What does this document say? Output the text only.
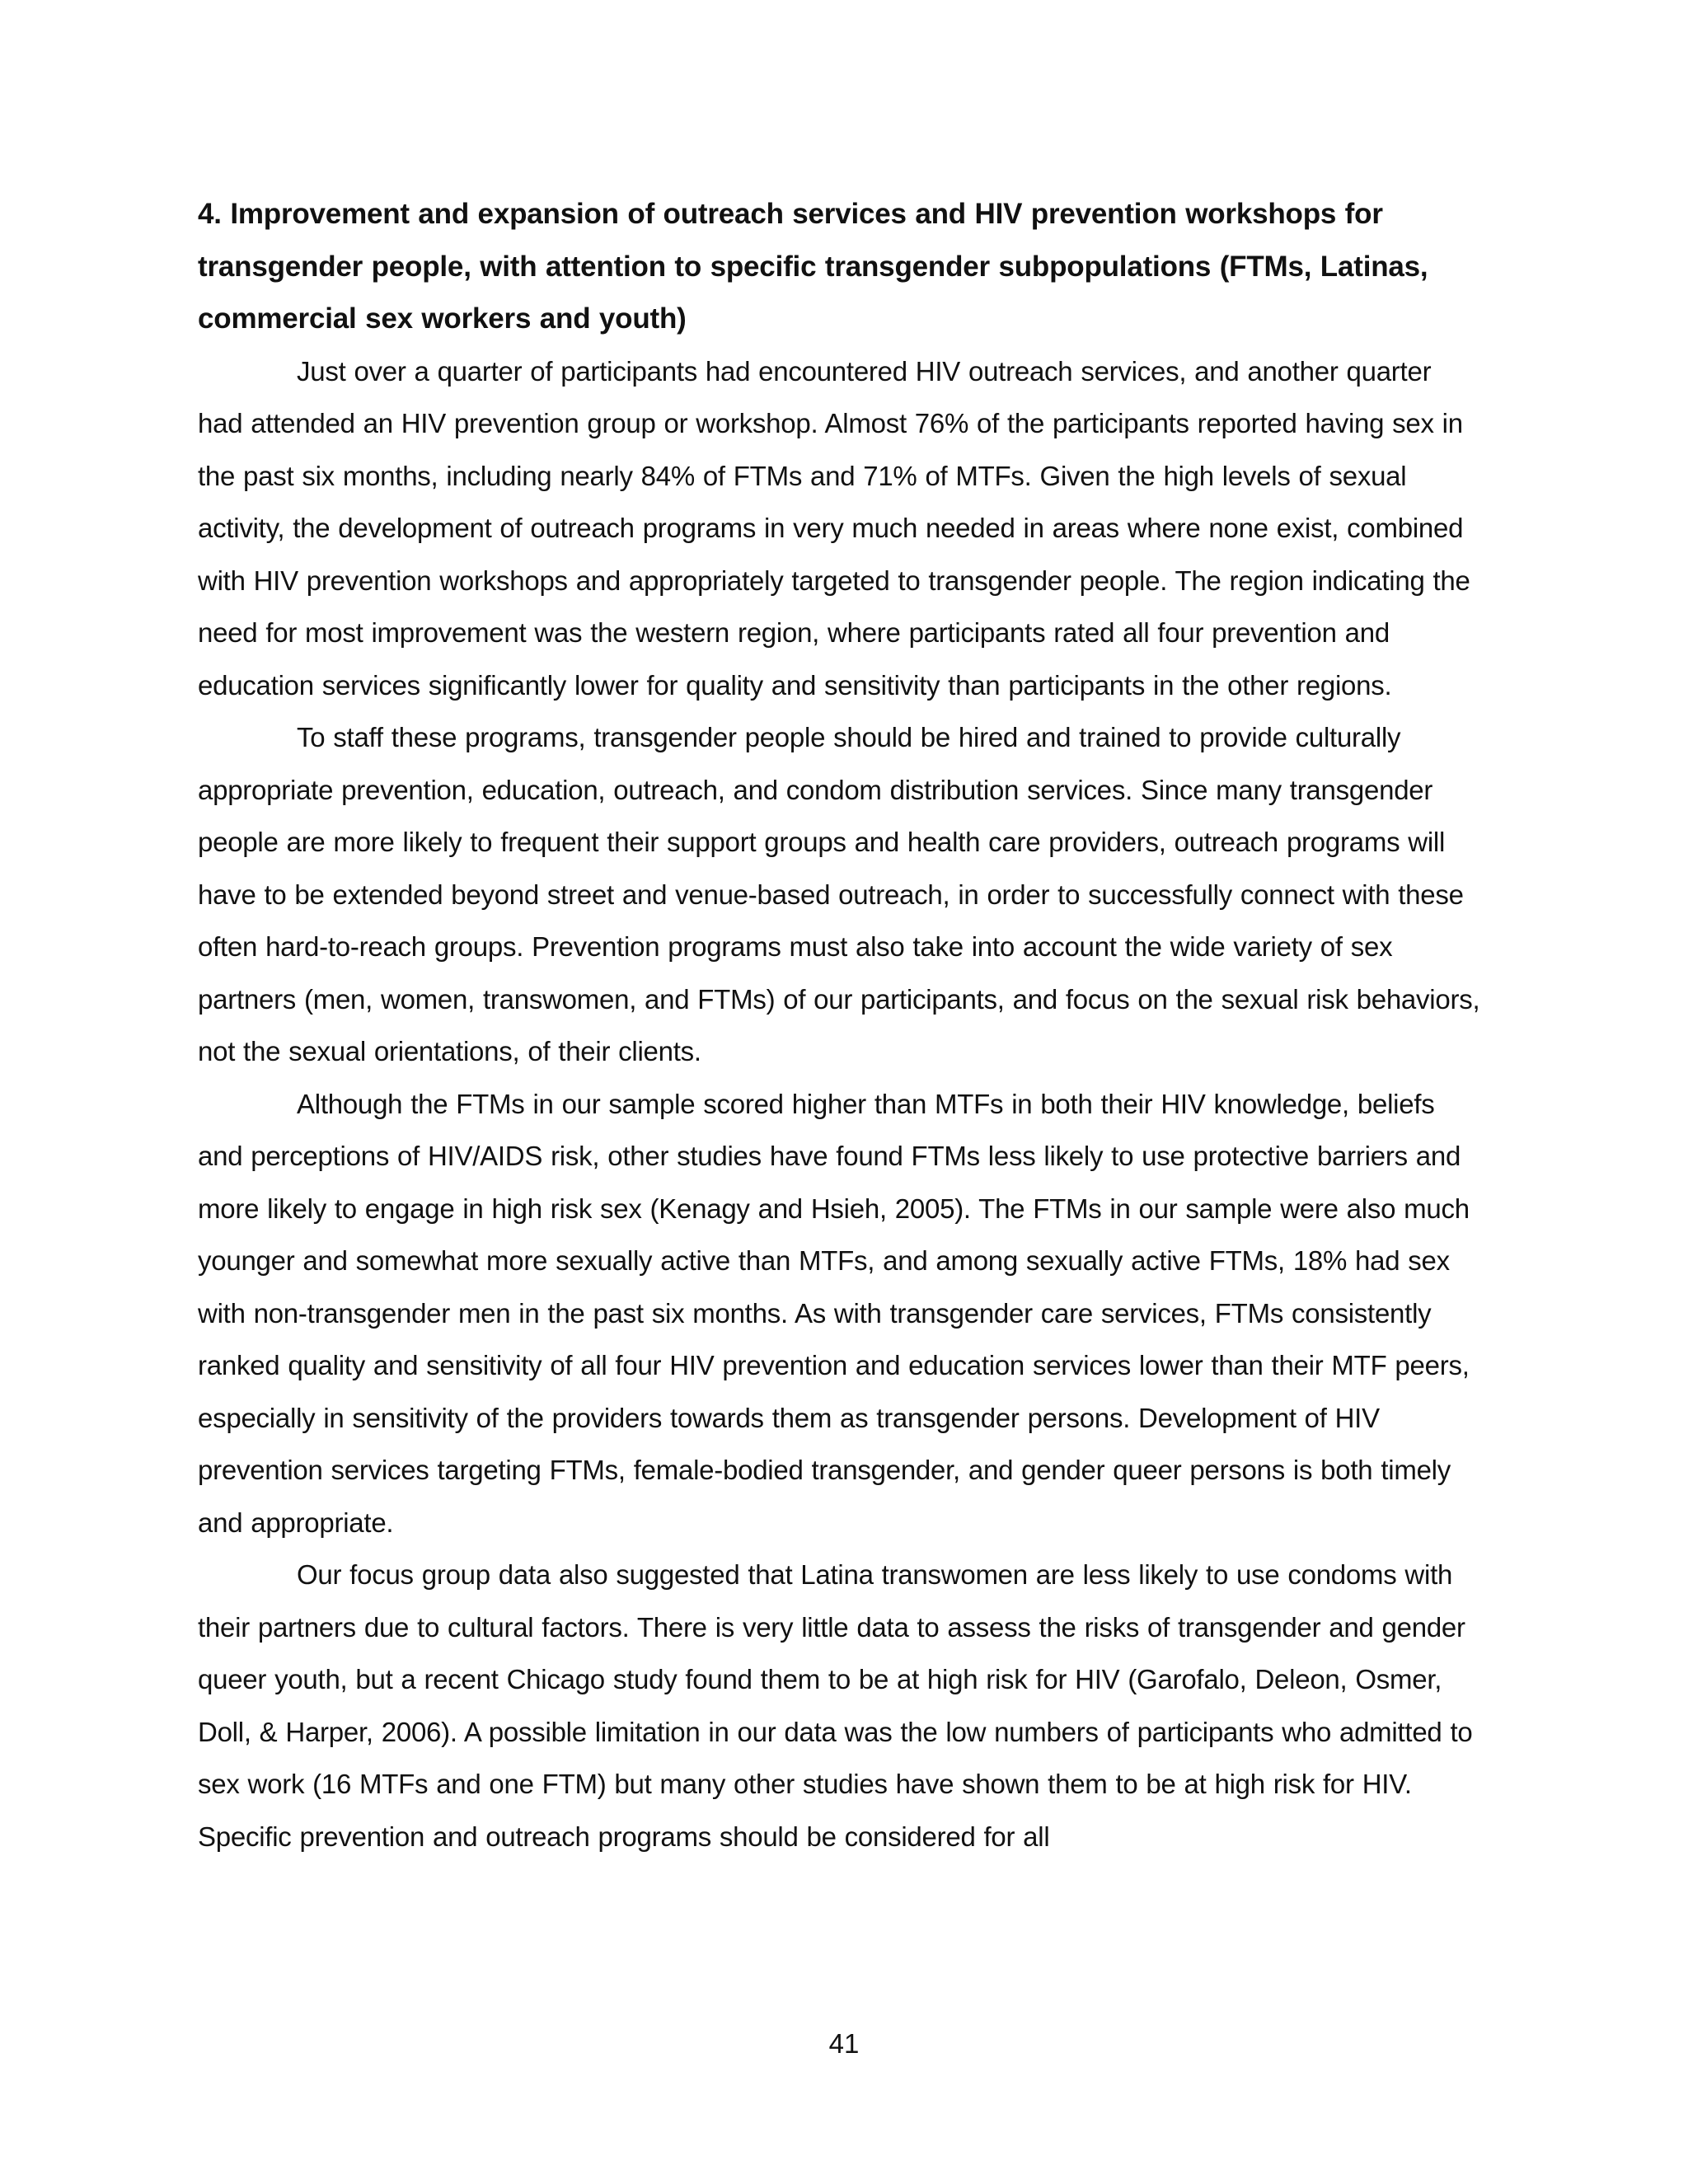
4. Improvement and expansion of outreach services and HIV prevention workshops for transgender people, with attention to specific transgender subpopulations (FTMs, Latinas, commercial sex workers and youth)

Just over a quarter of participants had encountered HIV outreach services, and another quarter had attended an HIV prevention group or workshop. Almost 76% of the participants reported having sex in the past six months, including nearly 84% of FTMs and 71% of MTFs. Given the high levels of sexual activity, the development of outreach programs in very much needed in areas where none exist, combined with HIV prevention workshops and appropriately targeted to transgender people. The region indicating the need for most improvement was the western region, where participants rated all four prevention and education services significantly lower for quality and sensitivity than participants in the other regions.

To staff these programs, transgender people should be hired and trained to provide culturally appropriate prevention, education, outreach, and condom distribution services. Since many transgender people are more likely to frequent their support groups and health care providers, outreach programs will have to be extended beyond street and venue-based outreach, in order to successfully connect with these often hard-to-reach groups. Prevention programs must also take into account the wide variety of sex partners (men, women, transwomen, and FTMs) of our participants, and focus on the sexual risk behaviors, not the sexual orientations, of their clients.

Although the FTMs in our sample scored higher than MTFs in both their HIV knowledge, beliefs and perceptions of HIV/AIDS risk, other studies have found FTMs less likely to use protective barriers and more likely to engage in high risk sex (Kenagy and Hsieh, 2005). The FTMs in our sample were also much younger and somewhat more sexually active than MTFs, and among sexually active FTMs, 18% had sex with non-transgender men in the past six months. As with transgender care services, FTMs consistently ranked quality and sensitivity of all four HIV prevention and education services lower than their MTF peers, especially in sensitivity of the providers towards them as transgender persons. Development of HIV prevention services targeting FTMs, female-bodied transgender, and gender queer persons is both timely and appropriate.

Our focus group data also suggested that Latina transwomen are less likely to use condoms with their partners due to cultural factors. There is very little data to assess the risks of transgender and gender queer youth, but a recent Chicago study found them to be at high risk for HIV (Garofalo, Deleon, Osmer, Doll, & Harper, 2006). A possible limitation in our data was the low numbers of participants who admitted to sex work (16 MTFs and one FTM) but many other studies have shown them to be at high risk for HIV. Specific prevention and outreach programs should be considered for all

41
